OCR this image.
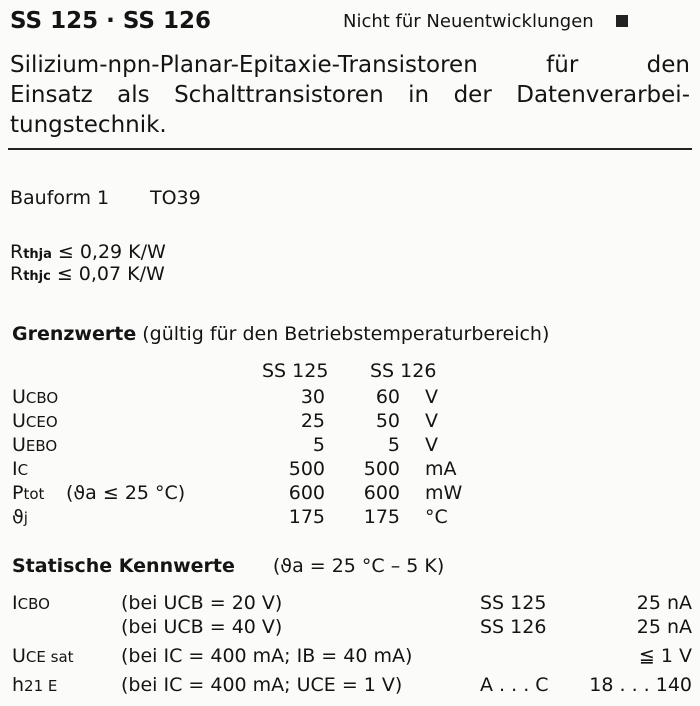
SS 125 · SS 126	Nicht für Neuentwicklungen
Silizium-npn-Planar-Epitaxie-Transistoren für den
Einsatz als Schalttransistoren in der Datenverarbei-
tungstechnik.
Bauform 1 TO39
Grenzwerte (gültig für den Betriebstemperaturbereich)
SS 125 SS 126
Statische Kennwerte (ϑa = 25 °C – 5 K)
Rthja ≤ 0,29 K/W
Rthjc ≤ 0,07 K/W
UCBO	30	60 V
UCEO	25	50 V
UEBO	5	5 V
IC	500	500 mA
Ptot (ϑa ≤ 25 °C)	600	600 mW
ϑj	175	175 °C
ICBO	(bei UCB = 20 V)	SS 125	25 nA
(bei UCB = 40 V)	SS 126	25 nA
UCE sat (bei IC = 400 mA; IB = 40 mA)	≦ 1 V
h21 E	(bei IC = 400 mA; UCE = 1 V)	A . . . C	18 . . . 140
